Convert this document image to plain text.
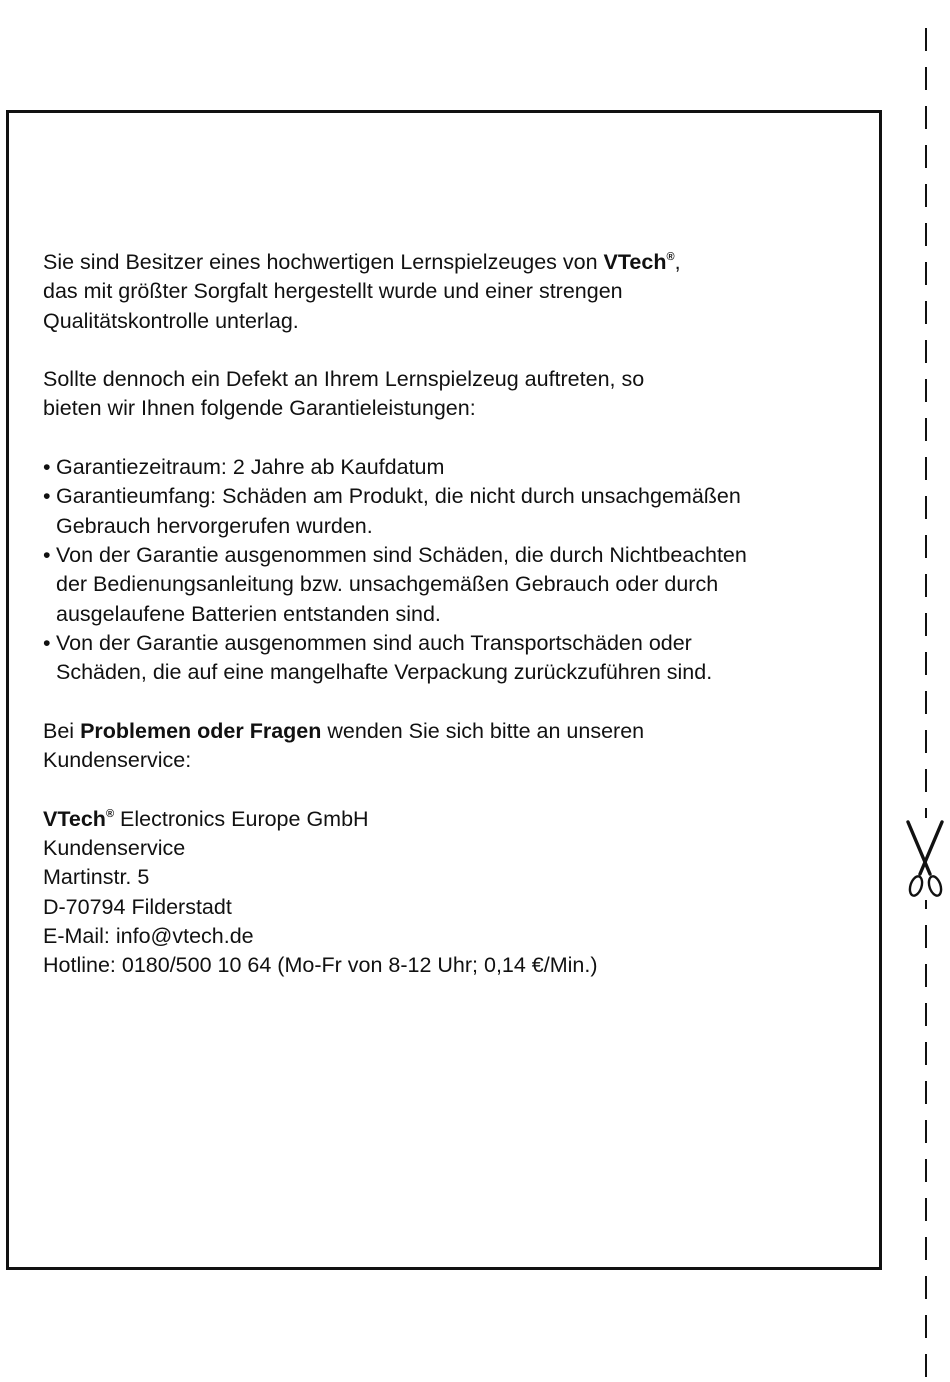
Sie sind Besitzer eines hochwertigen Lernspielzeuges von VTech®,
das mit größter Sorgfalt hergestellt wurde und einer strengen
Qualitätskontrolle unterlag.

Sollte dennoch ein Defekt an Ihrem Lernspielzeug auftreten, so
bieten wir Ihnen folgende Garantieleistungen:

• Garantiezeitraum: 2 Jahre ab Kaufdatum
• Garantieumfang: Schäden am Produkt, die nicht durch unsachgemäßen
Gebrauch hervorgerufen wurden.
• Von der Garantie ausgenommen sind Schäden, die durch Nichtbeachten
der Bedienungsanleitung bzw. unsachgemäßen Gebrauch oder durch
ausgelaufene Batterien entstanden sind.
• Von der Garantie ausgenommen sind auch Transportschäden oder
Schäden, die auf eine mangelhafte Verpackung zurückzuführen sind.

Bei Problemen oder Fragen wenden Sie sich bitte an unseren
Kundenservice:

VTech® Electronics Europe GmbH
Kundenservice
Martinstr. 5
D-70794 Filderstadt
E-Mail: info@vtech.de
Hotline: 0180/500 10 64 (Mo-Fr von 8-12 Uhr; 0,14 €/Min.)
